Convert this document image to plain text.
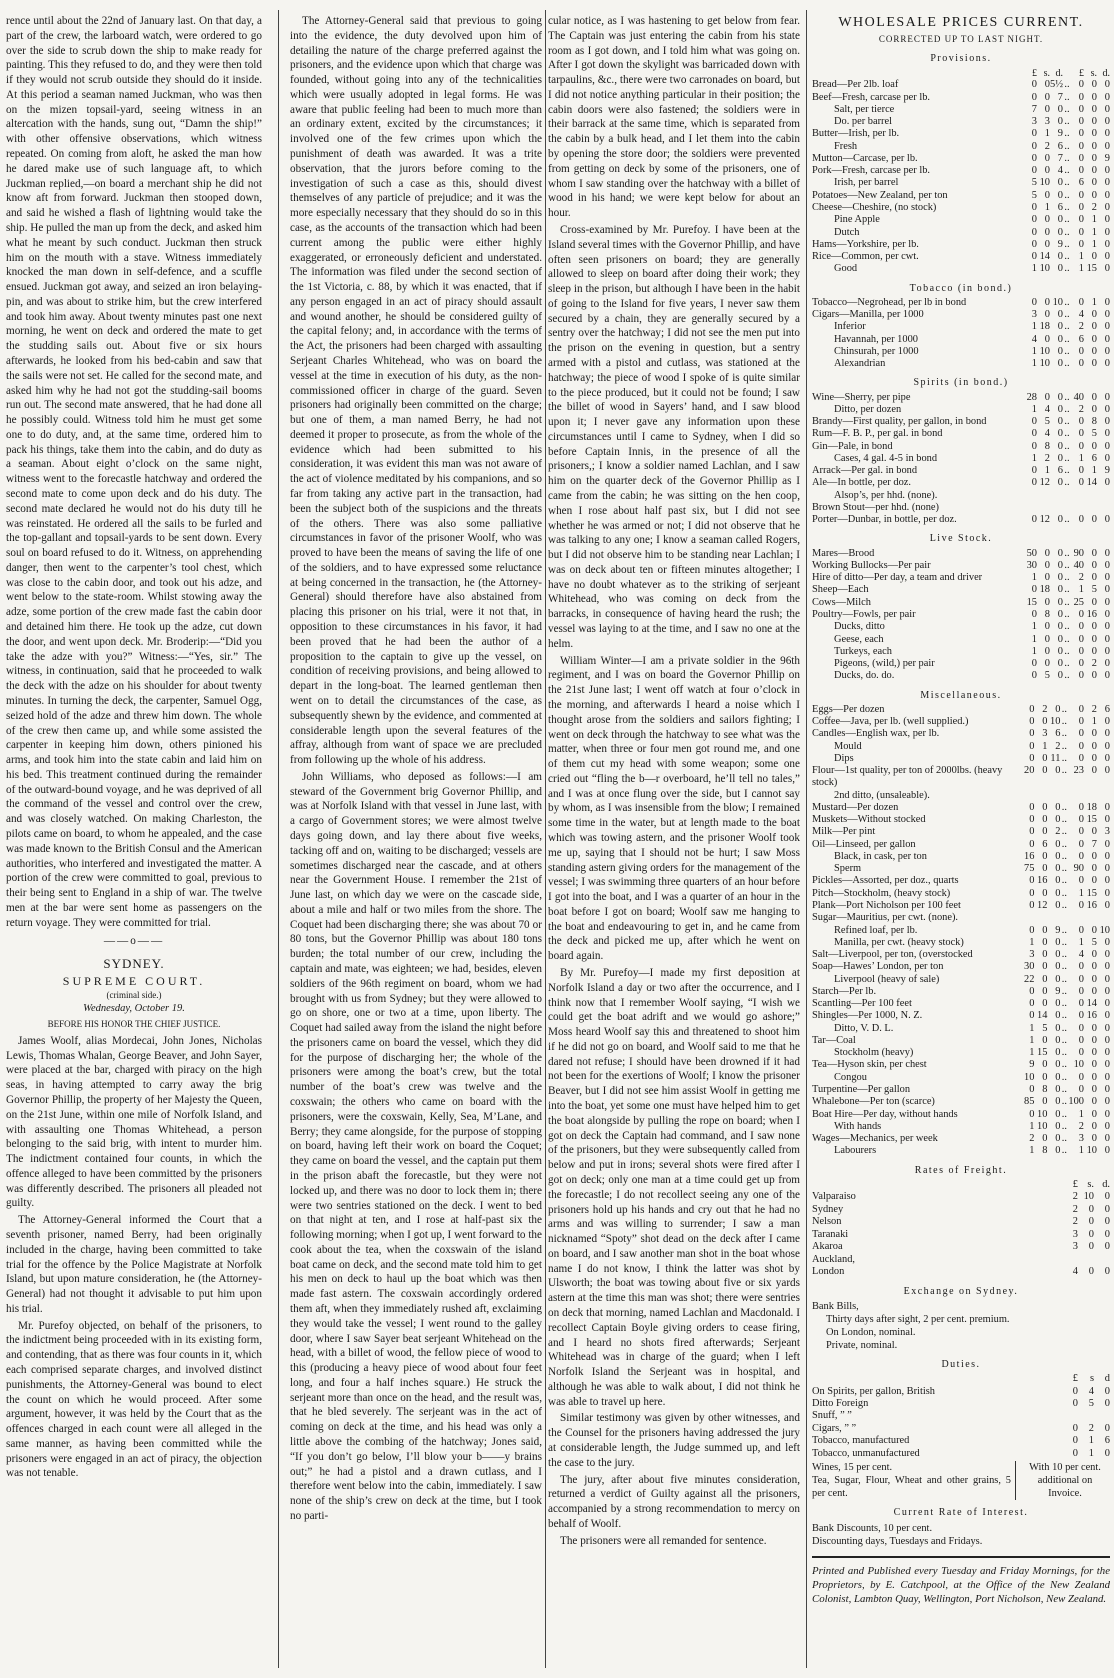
rence until about the 22nd of January last. On that day, a part of the crew, the larboard watch, were ordered to go over the side to scrub down the ship to make ready for painting. This they refused to do, and they were then told if they would not scrub outside they should do it inside. At this period a seaman named Juckman, who was then on the mizen topsail-yard, seeing witness in an altercation with the hands, sung out, “Damn the ship!” with other offensive observations, which witness repeated. On coming from aloft, he asked the man how he dared make use of such language aft, to which Juckman replied,—on board a merchant ship he did not know aft from forward. Juckman then stooped down, and said he wished a flash of lightning would take the ship. He pulled the man up from the deck, and asked him what he meant by such conduct. Juckman then struck him on the mouth with a stave. Witness immediately knocked the man down in self-defence, and a scuffle ensued. Juckman got away, and seized an iron belaying-pin, and was about to strike him, but the crew interfered and took him away. About twenty minutes past one next morning, he went on deck and ordered the mate to get the studding sails out. About five or six hours afterwards, he looked from his bed-cabin and saw that the sails were not set. He called for the second mate, and asked him why he had not got the studding-sail booms run out. The second mate answered, that he had done all he possibly could. Witness told him he must get some one to do duty, and, at the same time, ordered him to pack his things, take them into the cabin, and do duty as a seaman. About eight o’clock on the same night, witness went to the forecastle hatchway and ordered the second mate to come upon deck and do his duty. The second mate declared he would not do his duty till he was reinstated. He ordered all the sails to be furled and the top-gallant and topsail-yards to be sent down. Every soul on board refused to do it. Witness, on apprehending danger, then went to the carpenter’s tool chest, which was close to the cabin door, and took out his adze, and went below to the state-room. Whilst stowing away the adze, some portion of the crew made fast the cabin door and detained him there. He took up the adze, cut down the door, and went upon deck. Mr. Broderip:—“Did you take the adze with you?” Witness:—“Yes, sir.” The witness, in continuation, said that he proceeded to walk the deck with the adze on his shoulder for about twenty minutes. In turning the deck, the carpenter, Samuel Ogg, seized hold of the adze and threw him down. The whole of the crew then came up, and while some assisted the carpenter in keeping him down, others pinioned his arms, and took him into the state cabin and laid him on his bed. This treatment continued during the remainder of the outward-bound voyage, and he was deprived of all the command of the vessel and control over the crew, and was closely watched. On making Charleston, the pilots came on board, to whom he appealed, and the case was made known to the British Consul and the American authorities, who interfered and investigated the matter. A portion of the crew were committed to goal, previous to their being sent to England in a ship of war. The twelve men at the bar were sent home as passengers on the return voyage. They were committed for trial.

——o——
SYDNEY.
SUPREME COURT.
(criminal side.)
Wednesday, October 19.
BEFORE HIS HONOR THE CHIEF JUSTICE.

James Woolf, alias Mordecai, John Jones, Nicholas Lewis, Thomas Whalan, George Beaver, and John Sayer, were placed at the bar, charged with piracy on the high seas, in having attempted to carry away the brig Governor Phillip, the property of her Majesty the Queen, on the 21st June, within one mile of Norfolk Island, and with assaulting one Thomas Whitehead, a person belonging to the said brig, with intent to murder him. The indictment contained four counts, in which the offence alleged to have been committed by the prisoners was differently described. The prisoners all pleaded not guilty.

The Attorney-General informed the Court that a seventh prisoner, named Berry, had been originally included in the charge, having been committed to take trial for the offence by the Police Magistrate at Norfolk Island, but upon mature consideration, he (the Attorney-General) had not thought it advisable to put him upon his trial.

Mr. Purefoy objected, on behalf of the prisoners, to the indictment being proceeded with in its existing form, and contending, that as there was four counts in it, which each comprised separate charges, and involved distinct punishments, the Attorney-General was bound to elect the count on which he would proceed. After some argument, however, it was held by the Court that as the offences charged in each count were all alleged in the same manner, as having been committed while the prisoners were engaged in an act of piracy, the objection was not tenable.

The Attorney-General said that previous to going into the evidence, the duty devolved upon him of detailing the nature of the charge preferred against the prisoners, and the evidence upon which that charge was founded, without going into any of the technicalities which were usually adopted in legal forms. He was aware that public feeling had been to much more than an ordinary extent, excited by the circumstances; it involved one of the few crimes upon which the punishment of death was awarded. It was a trite observation, that the jurors before coming to the investigation of such a case as this, should divest themselves of any particle of prejudice; and it was the more especially necessary that they should do so in this case, as the accounts of the transaction which had been current among the public were either highly exaggerated, or erroneously deficient and understated. The information was filed under the second section of the 1st Victoria, c. 88, by which it was enacted, that if any person engaged in an act of piracy should assault and wound another, he should be considered guilty of the capital felony; and, in accordance with the terms of the Act, the prisoners had been charged with assaulting Serjeant Charles Whitehead, who was on board the vessel at the time in execution of his duty, as the non-commissioned officer in charge of the guard. Seven prisoners had originally been committed on the charge; but one of them, a man named Berry, he had not deemed it proper to prosecute, as from the whole of the evidence which had been submitted to his consideration, it was evident this man was not aware of the act of violence meditated by his companions, and so far from taking any active part in the transaction, had been the subject both of the suspicions and the threats of the others. There was also some palliative circumstances in favor of the prisoner Woolf, who was proved to have been the means of saving the life of one of the soldiers, and to have expressed some reluctance at being concerned in the transaction, he (the Attorney-General) should therefore have also abstained from placing this prisoner on his trial, were it not that, in opposition to these circumstances in his favor, it had been proved that he had been the author of a proposition to the captain to give up the vessel, on condition of receiving provisions, and being allowed to depart in the long-boat. The learned gentleman then went on to detail the circumstances of the case, as subsequently shewn by the evidence, and commented at considerable length upon the several features of the affray, although from want of space we are precluded from following up the whole of his address.

John Williams, who deposed as follows:—I am steward of the Government brig Governor Phillip, and was at Norfolk Island with that vessel in June last, with a cargo of Government stores; we were almost twelve days going down, and lay there about five weeks, tacking off and on, waiting to be discharged; vessels are sometimes discharged near the cascade, and at others near the Government House. I remember the 21st of June last, on which day we were on the cascade side, about a mile and half or two miles from the shore. The Coquet had been discharging there; she was about 70 or 80 tons, but the Governor Phillip was about 180 tons burden; the total number of our crew, including the captain and mate, was eighteen; we had, besides, eleven soldiers of the 96th regiment on board, whom we had brought with us from Sydney; but they were allowed to go on shore, one or two at a time, upon liberty. The Coquet had sailed away from the island the night before the prisoners came on board the vessel, which they did for the purpose of discharging her; the whole of the prisoners were among the boat’s crew, but the total number of the boat’s crew was twelve and the coxswain; the others who came on board with the prisoners, were the coxswain, Kelly, Sea, M’Lane, and Berry; they came alongside, for the purpose of stopping on board, having left their work on board the Coquet; they came on board the vessel, and the captain put them in the prison abaft the forecastle, but they were not locked up, and there was no door to lock them in; there were two sentries stationed on the deck. I went to bed on that night at ten, and I rose at half-past six the following morning; when I got up, I went forward to the cook about the tea, when the coxswain of the island boat came on deck, and the second mate told him to get his men on deck to haul up the boat which was then made fast astern. The coxswain accordingly ordered them aft, when they immediately rushed aft, exclaiming they would take the vessel; I went round to the galley door, where I saw Sayer beat serjeant Whitehead on the head, with a billet of wood, the fellow piece of wood to this (producing a heavy piece of wood about four feet long, and four a half inches square.) He struck the serjeant more than once on the head, and the result was, that he bled severely. The serjeant was in the act of coming on deck at the time, and his head was only a little above the combing of the hatchway; Jones said, “If you don’t go below, I’ll blow your b——y brains out;” he had a pistol and a drawn cutlass, and I therefore went below into the cabin, immediately. I saw none of the ship’s crew on deck at the time, but I took no parti-

cular notice, as I was hastening to get below from fear. The Captain was just entering the cabin from his state room as I got down, and I told him what was going on. After I got down the skylight was barricaded down with tarpaulins, &c., there were two carronades on board, but I did not notice anything particular in their position; the cabin doors were also fastened; the soldiers were in their barrack at the same time, which is separated from the cabin by a bulk head, and I let them into the cabin by opening the store door; the soldiers were prevented from getting on deck by some of the prisoners, one of whom I saw standing over the hatchway with a billet of wood in his hand; we were kept below for about an hour.

Cross-examined by Mr. Purefoy. I have been at the Island several times with the Governor Phillip, and have often seen prisoners on board; they are generally allowed to sleep on board after doing their work; they sleep in the prison, but although I have been in the habit of going to the Island for five years, I never saw them secured by a chain, they are generally secured by a sentry over the hatchway; I did not see the men put into the prison on the evening in question, but a sentry armed with a pistol and cutlass, was stationed at the hatchway; the piece of wood I spoke of is quite similar to the piece produced, but it could not be found; I saw the billet of wood in Sayers’ hand, and I saw blood upon it; I never gave any information upon these circumstances until I came to Sydney, when I did so before Captain Innis, in the presence of all the prisoners,; I know a soldier named Lachlan, and I saw him on the quarter deck of the Governor Phillip as I came from the cabin; he was sitting on the hen coop, when I rose about half past six, but I did not see whether he was armed or not; I did not observe that he was talking to any one; I know a seaman called Rogers, but I did not observe him to be standing near Lachlan; I was on deck about ten or fifteen minutes altogether; I have no doubt whatever as to the striking of serjeant Whitehead, who was coming on deck from the barracks, in consequence of having heard the rush; the vessel was laying to at the time, and I saw no one at the helm.

William Winter—I am a private soldier in the 96th regiment, and I was on board the Governor Phillip on the 21st June last; I went off watch at four o’clock in the morning, and afterwards I heard a noise which I thought arose from the soldiers and sailors fighting; I went on deck through the hatchway to see what was the matter, when three or four men got round me, and one of them cut my head with some weapon; some one cried out “fling the b—r overboard, he’ll tell no tales,” and I was at once flung over the side, but I cannot say by whom, as I was insensible from the blow; I remained some time in the water, but at length made to the boat which was towing astern, and the prisoner Woolf took me up, saying that I should not be hurt; I saw Moss standing astern giving orders for the management of the vessel; I was swimming three quarters of an hour before I got into the boat, and I was a quarter of an hour in the boat before I got on board; Woolf saw me hanging to the boat and endeavouring to get in, and he came from the deck and picked me up, after which he went on board again.

By Mr. Purefoy—I made my first deposition at Norfolk Island a day or two after the occurrence, and I think now that I remember Woolf saying, “I wish we could get the boat adrift and we would go ashore;” Moss heard Woolf say this and threatened to shoot him if he did not go on board, and Woolf said to me that he dared not refuse; I should have been drowned if it had not been for the exertions of Woolf; I know the prisoner Beaver, but I did not see him assist Woolf in getting me into the boat, yet some one must have helped him to get the boat alongside by pulling the rope on board; when I got on deck the Captain had command, and I saw none of the prisoners, but they were subsequently called from below and put in irons; several shots were fired after I got on deck; only one man at a time could get up from the forecastle; I do not recollect seeing any one of the prisoners hold up his hands and cry out that he had no arms and was willing to surrender; I saw a man nicknamed “Spoty” shot dead on the deck after I came on board, and I saw another man shot in the boat whose name I do not know, I think the latter was shot by Ulsworth; the boat was towing about five or six yards astern at the time this man was shot; there were sentries on deck that morning, named Lachlan and Macdonald. I recollect Captain Boyle giving orders to cease firing, and I heard no shots fired afterwards; Serjeant Whitehead was in charge of the guard; when I left Norfolk Island the Serjeant was in hospital, and although he was able to walk about, I did not think he was able to travel up here.

Similar testimony was given by other witnesses, and the Counsel for the prisoners having addressed the jury at considerable length, the Judge summed up, and left the case to the jury.

The jury, after about five minutes consideration, returned a verdict of Guilty against all the prisoners, accompanied by a strong recommendation to mercy on behalf of Woolf.

The prisoners were all remanded for sentence.

WHOLESALE PRICES CURRENT.
CORRECTED UP TO LAST NIGHT.
Provisions.
	£	s.	d.		£	s.	d.
Bread—Per 2lb. loaf	0	0	5½	..	0	0	0
Beef—Fresh, carcase per lb.	0	0	7	..	0	0	0
Salt, per tierce	7	0	0	..	0	0	0
Do. per barrel	3	3	0	..	0	0	0
Butter—Irish, per lb.	0	1	9	..	0	0	0
Fresh	0	2	6	..	0	0	0
Mutton—Carcase, per lb.	0	0	7	..	0	0	9
Pork—Fresh, carcase per lb.	0	0	4	..	0	0	0
Irish, per barrel	5	10	0	..	6	0	0
Potatoes—New Zealand, per ton	5	0	0	..	0	0	0
Cheese—Cheshire, (no stock)	0	1	6	..	0	2	0
Pine Apple	0	0	0	..	0	1	0
Dutch	0	0	0	..	0	1	0
Hams—Yorkshire, per lb.	0	0	9	..	0	1	0
Rice—Common, per cwt.	0	14	0	..	1	0	0
Good	1	10	0	..	1	15	0
Tobacco (in bond.)
Tobacco—Negrohead, per lb in bond	0	0	10	..	0	1	0
Cigars—Manilla, per 1000	3	0	0	..	4	0	0
Inferior	1	18	0	..	2	0	0
Havannah, per 1000	4	0	0	..	6	0	0
Chinsurah, per 1000	1	10	0	..	0	0	0
Alexandrian	1	10	0	..	0	0	0
Spirits (in bond.)
Wine—Sherry, per pipe	28	0	0	..	40	0	0
Ditto, per dozen	1	4	0	..	2	0	0
Brandy—First quality, per gallon, in bond	0	5	0	..	0	8	0
Rum—F. B. P., per gal. in bond	0	4	0	..	0	5	0
Gin—Pale, in bond	0	8	0	..	0	0	0
Cases, 4 gal. 4-5 in bond	1	2	0	..	1	6	0
Arrack—Per gal. in bond	0	1	6	..	0	1	9
Ale—In bottle, per doz.	0	12	0	..	0	14	0
Alsop’s, per hhd. (none).							
Brown Stout—per hhd. (none)							
Porter—Dunbar, in bottle, per doz.	0	12	0	..	0	0	0
Live Stock.
Mares—Brood	50	0	0	..	90	0	0
Working Bullocks—Per pair	30	0	0	..	40	0	0
Hire of ditto—Per day, a team and driver	1	0	0	..	2	0	0
Sheep—Each	0	18	0	..	1	5	0
Cows—Milch	15	0	0	..	25	0	0
Poultry—Fowls, per pair	0	8	0	..	0	16	0
Ducks, ditto	1	0	0	..	0	0	0
Geese, each	1	0	0	..	0	0	0
Turkeys, each	1	0	0	..	0	0	0
Pigeons, (wild,) per pair	0	0	0	..	0	2	0
Ducks, do. do.	0	5	0	..	0	0	0
Miscellaneous.
Eggs—Per dozen	0	2	0	..	0	2	6
Coffee—Java, per lb. (well supplied.)	0	0	10	..	0	1	0
Candles—English wax, per lb.	0	3	6	..	0	0	0
Mould	0	1	2	..	0	0	0
Dips	0	0	11	..	0	0	0
Flour—1st quality, per ton of 2000lbs. (heavy stock)	20	0	0	..	23	0	0
2nd ditto, (unsaleable).							
Mustard—Per dozen	0	0	0	..	0	18	0
Muskets—Without stocked	0	0	0	..	0	15	0
Milk—Per pint	0	0	2	..	0	0	3
Oil—Linseed, per gallon	0	6	0	..	0	7	0
Black, in cask, per ton	16	0	0	..	0	0	0
Sperm	75	0	0	..	90	0	0
Pickles—Assorted, per doz., quarts	0	16	0	..	0	0	0
Pitch—Stockholm, (heavy stock)	0	0	0	..	1	15	0
Plank—Port Nicholson per 100 feet	0	12	0	..	0	16	0
Sugar—Mauritius, per cwt. (none).							
Refined loaf, per lb.	0	0	9	..	0	0	10
Manilla, per cwt. (heavy stock)	1	0	0	..	1	5	0
Salt—Liverpool, per ton, (overstocked	3	0	0	..	4	0	0
Soap—Hawes’ London, per ton	30	0	0	..	0	0	0
Liverpool (heavy of sale)	22	0	0	..	0	0	0
Starch—Per lb.	0	0	9	..	0	0	0
Scantling—Per 100 feet	0	0	0	..	0	14	0
Shingles—Per 1000, N. Z.	0	14	0	..	0	16	0
Ditto, V. D. L.	1	5	0	..	0	0	0
Tar—Coal	1	0	0	..	0	0	0
Stockholm (heavy)	1	15	0	..	0	0	0
Tea—Hyson skin, per chest	9	0	0	..	10	0	0
Congou	10	0	0	..	0	0	0
Turpentine—Per gallon	0	8	0	..	0	0	0
Whalebone—Per ton (scarce)	85	0	0	..	100	0	0
Boat Hire—Per day, without hands	0	10	0	..	1	0	0
With hands	1	10	0	..	2	0	0
Wages—Mechanics, per week	2	0	0	..	3	0	0
Labourers	1	8	0	..	1	10	0
Rates of Freight.
	£	s.	d.
Valparaiso	2	10	0
Sydney	2	0	0
Nelson	2	0	0
Taranaki	3	0	0
Akaroa	3	0	0
Auckland,			
London	4	0	0
Exchange on Sydney.
Bank Bills,
Thirty days after sight, 2 per cent. premium.
On London, nominal.
Private, nominal.
Duties.
	£	s	d
On Spirits, per gallon, British	0	4	0
Ditto Foreign	0	5	0
Snuff, ” ”			
Cigars, ” ”	0	2	0
Tobacco, manufactured	0	1	6
Tobacco, unmanufactured	0	1	0
Wines, 15 per cent.
Tea, Sugar, Flour, Wheat and other grains, 5 per cent.
With 10 per cent. additional on Invoice.
Current Rate of Interest.
Bank Discounts, 10 per cent.
Discounting days, Tuesdays and Fridays.
Printed and Published every Tuesday and Friday Mornings, for the Proprietors, by E. Catchpool, at the Office of the New Zealand Colonist, Lambton Quay, Wellington, Port Nicholson, New Zealand.
